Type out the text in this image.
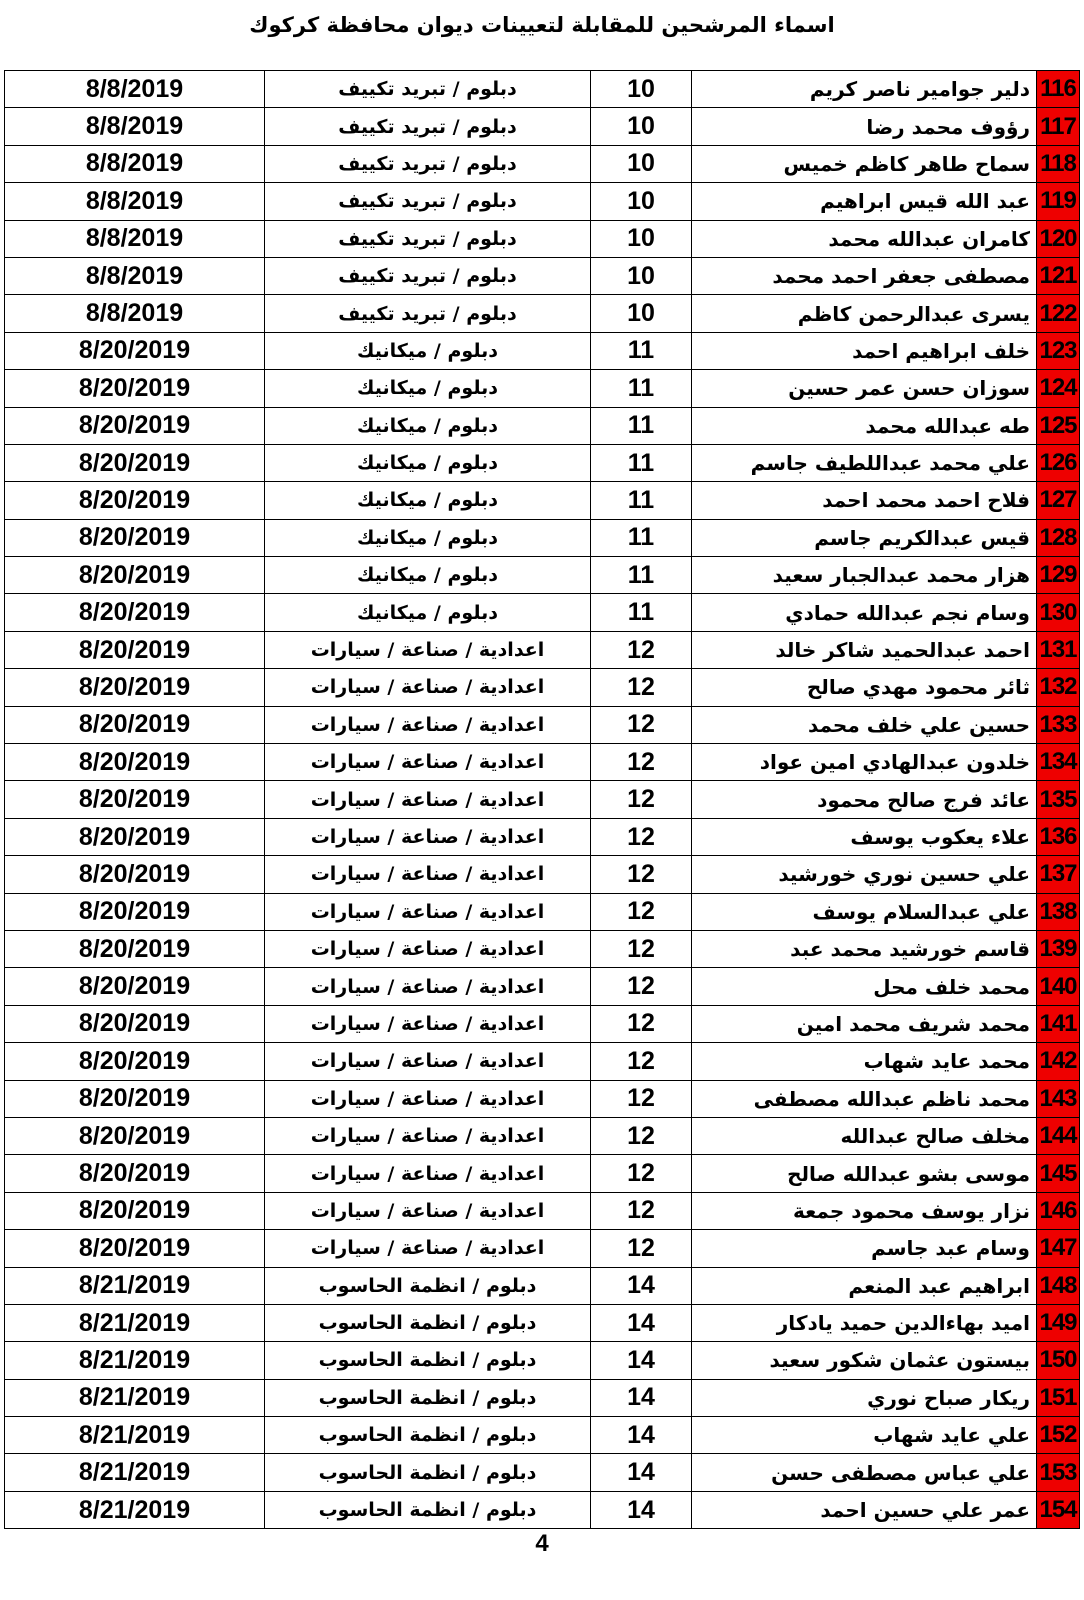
اسماء المرشحين للمقابلة لتعيينات ديوان محافظة كركوك
116	دلير جوامير ناصر كريم	10	دبلوم / تبريد تكييف	8/8/2019
117	رؤوف محمد رضا	10	دبلوم / تبريد تكييف	8/8/2019
118	سماح طاهر كاظم خميس	10	دبلوم / تبريد تكييف	8/8/2019
119	عبد الله قيس ابراهيم	10	دبلوم / تبريد تكييف	8/8/2019
120	كامران عبدالله محمد	10	دبلوم / تبريد تكييف	8/8/2019
121	مصطفى جعفر احمد محمد	10	دبلوم / تبريد تكييف	8/8/2019
122	يسرى عبدالرحمن كاظم	10	دبلوم / تبريد تكييف	8/8/2019
123	خلف ابراهيم احمد	11	دبلوم / ميكانيك	8/20/2019
124	سوزان حسن عمر حسين	11	دبلوم / ميكانيك	8/20/2019
125	طه عبدالله محمد	11	دبلوم / ميكانيك	8/20/2019
126	علي محمد عبداللطيف جاسم	11	دبلوم / ميكانيك	8/20/2019
127	فلاح احمد محمد احمد	11	دبلوم / ميكانيك	8/20/2019
128	قيس عبدالكريم جاسم	11	دبلوم / ميكانيك	8/20/2019
129	هزار محمد عبدالجبار سعيد	11	دبلوم / ميكانيك	8/20/2019
130	وسام نجم عبدالله حمادي	11	دبلوم / ميكانيك	8/20/2019
131	احمد عبدالحميد شاكر خالد	12	اعدادية / صناعة / سيارات	8/20/2019
132	ثائر محمود مهدي صالح	12	اعدادية / صناعة / سيارات	8/20/2019
133	حسين علي خلف محمد	12	اعدادية / صناعة / سيارات	8/20/2019
134	خلدون عبدالهادي امين عواد	12	اعدادية / صناعة / سيارات	8/20/2019
135	عائد فرج صالح محمود	12	اعدادية / صناعة / سيارات	8/20/2019
136	علاء يعكوب يوسف	12	اعدادية / صناعة / سيارات	8/20/2019
137	علي حسين نوري خورشيد	12	اعدادية / صناعة / سيارات	8/20/2019
138	علي عبدالسلام يوسف	12	اعدادية / صناعة / سيارات	8/20/2019
139	قاسم خورشيد محمد عبد	12	اعدادية / صناعة / سيارات	8/20/2019
140	محمد خلف محل	12	اعدادية / صناعة / سيارات	8/20/2019
141	محمد شريف محمد امين	12	اعدادية / صناعة / سيارات	8/20/2019
142	محمد عايد شهاب	12	اعدادية / صناعة / سيارات	8/20/2019
143	محمد ناظم عبدالله مصطفى	12	اعدادية / صناعة / سيارات	8/20/2019
144	مخلف صالح عبدالله	12	اعدادية / صناعة / سيارات	8/20/2019
145	موسى بشو عبدالله صالح	12	اعدادية / صناعة / سيارات	8/20/2019
146	نزار يوسف محمود جمعة	12	اعدادية / صناعة / سيارات	8/20/2019
147	وسام عبد جاسم	12	اعدادية / صناعة / سيارات	8/20/2019
148	ابراهيم عبد المنعم	14	دبلوم / انظمة الحاسوب	8/21/2019
149	اميد بهاءالدين حميد يادكار	14	دبلوم / انظمة الحاسوب	8/21/2019
150	بيستون عثمان شكور سعيد	14	دبلوم / انظمة الحاسوب	8/21/2019
151	ريكار صباح نوري	14	دبلوم / انظمة الحاسوب	8/21/2019
152	علي عايد شهاب	14	دبلوم / انظمة الحاسوب	8/21/2019
153	علي عباس مصطفى حسن	14	دبلوم / انظمة الحاسوب	8/21/2019
154	عمر علي حسين احمد	14	دبلوم / انظمة الحاسوب	8/21/2019
4
